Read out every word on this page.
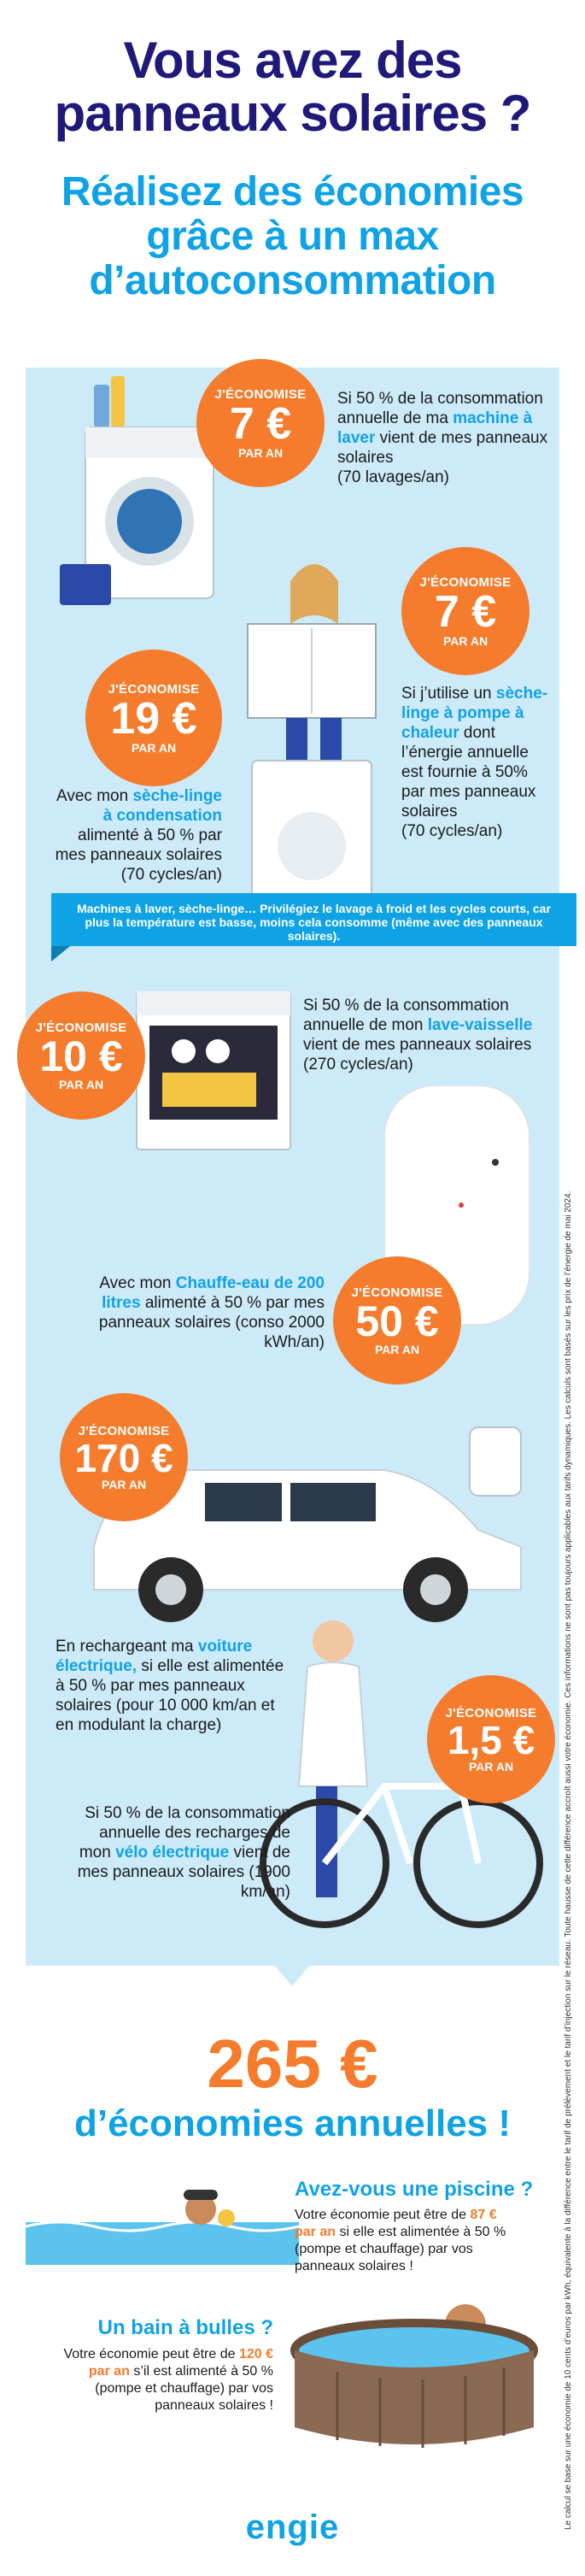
Vous avez des
panneaux solaires ?
Réalisez des économies
grâce à un max
d’autoconsommation
J'ÉCONOMISE
7 €
PAR AN
J'ÉCONOMISE
7 €
PAR AN
J'ÉCONOMISE
19 €
PAR AN
J'ÉCONOMISE
10 €
PAR AN
J'ÉCONOMISE
50 €
PAR AN
J'ÉCONOMISE
170 €
PAR AN
J'ÉCONOMISE
1,5 €
PAR AN
Si 50 % de la consommation annuelle de ma machine à laver vient de mes panneaux solaires
(70 lavages/an)
Si j’utilise un sèche-linge à pompe à chaleur dont l’énergie annuelle est fournie à 50% par mes panneaux solaires
(70 cycles/an)
Avec mon sèche-linge à condensation alimenté à 50 % par mes panneaux solaires
(70 cycles/an)
Si 50 % de la consommation annuelle de mon lave-vaisselle vient de mes panneaux solaires
(270 cycles/an)
Avec mon Chauffe-eau de 200 litres alimenté à 50 % par mes panneaux solaires (conso 2000 kWh/an)
En rechargeant ma voiture électrique, si elle est alimentée à 50 % par mes panneaux solaires (pour 10 000 km/an et en modulant la charge)
Si 50 % de la consommation annuelle des recharges de mon vélo électrique vient de mes panneaux solaires (1900 km/an)
Machines à laver, sèche-linge… Privilégiez le lavage à froid et les cycles courts, car plus la température est basse, moins cela consomme (même avec des panneaux solaires).
265 €
d’économies annuelles !
Avez-vous une piscine ?
Votre économie peut être de 87 € par an si elle est alimentée à 50 % (pompe et chauffage) par vos panneaux solaires !
Un bain à bulles ?
Votre économie peut être de 120 € par an s’il est alimenté à 50 % (pompe et chauffage) par vos panneaux solaires !	Le calcul se base sur une économie de 10 cents d’euros par kWh, équivalente à la différence entre le tarif de prélèvement et le tarif d’injection sur le réseau. Toute hausse de cette différence accroît aussi votre économie. Ces informations ne sont pas toujours applicables aux tarifs dynamiques. Les calculs sont basés sur les prix de l’énergie de mai 2024.
engie
